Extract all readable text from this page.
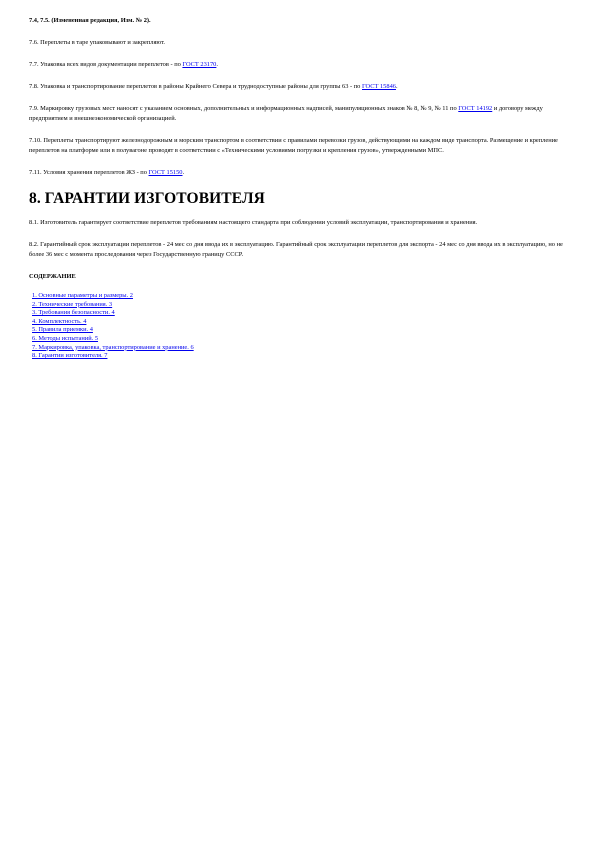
7.4, 7.5. (Измененная редакция, Изм. № 2).

7.6. Переплеты в таре упаковывают и закрепляют.

7.7. Упаковка всех видов документации переплетов - по ГОСТ 23170.

7.8. Упаковка и транспортирование переплетов в районы Крайнего Севера и труднодоступные районы для группы 63 - по ГОСТ 15846.

7.9. Маркировку грузовых мест наносят с указанием основных, дополнительных и информационных надписей, манипуляционных знаков № 8, № 9, № 11 по ГОСТ 14192 и договору между предприятием и внешнеэкономической организацией.

7.10. Переплеты транспортируют железнодорожным и морским транспортом в соответствии с правилами перевозки грузов, действующими на каждом виде транспорта. Размещение и крепление переплетов на платформе или в полувагоне проводят в соответствии с «Техническими условиями погрузки и крепления грузов», утвержденными МПС.

7.11. Условия хранения переплетов ЖЗ - по ГОСТ 15150.

8. ГАРАНТИИ ИЗГОТОВИТЕЛЯ

8.1. Изготовитель гарантирует соответствие переплетов требованиям настоящего стандарта при соблюдении условий эксплуатации, транспортирования и хранения.

8.2. Гарантийный срок эксплуатации переплетов - 24 мес со дня ввода их в эксплуатацию. Гарантийный срок эксплуатации переплетов для экспорта - 24 мес со дня ввода их в эксплуатацию, но не более 36 мес с момента проследования через Государственную границу СССР.

СОДЕРЖАНИЕ

1. Основные параметры и размеры. 2
2. Технические требования. 3
3. Требования безопасности. 4
4. Комплектность. 4
5. Правила приемки. 4
6. Методы испытаний. 5
7. Маркировка, упаковка, транспортирование и хранение. 6
8. Гарантии изготовителя. 7
